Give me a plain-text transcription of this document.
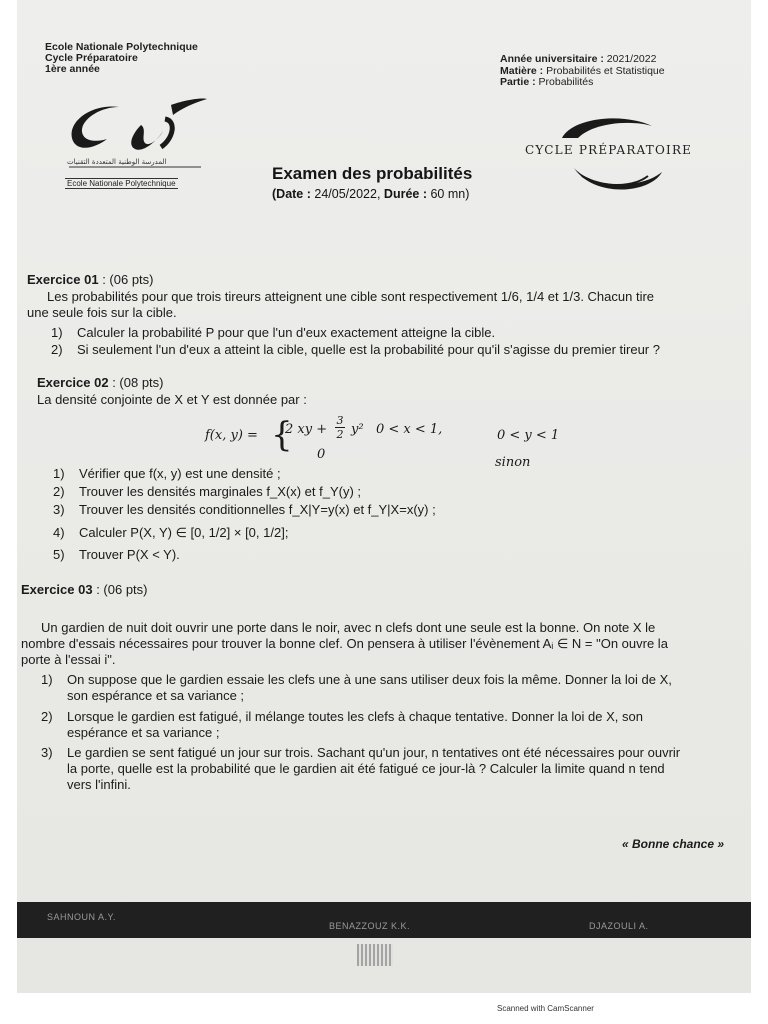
Ecole Nationale Polytechnique
Cycle Préparatoire
1ère année
Année universitaire : 2021/2022
Matière : Probabilités et Statistique
Partie : Probabilités
المدرسة الوطنية المتعددة التقنيات
Ecole Nationale Polytechnique
CYCLE PRÉPARATOIRE
Examen des probabilités
(Date : 24/05/2022, Durée : 60 mn)
Exercice 01 : (06 pts)
Les probabilités pour que trois tireurs atteignent une cible sont respectivement 1/6, 1/4 et 1/3. Chacun tire
une seule fois sur la cible.
1) Calculer la probabilité P pour que l'un d'eux exactement atteigne la cible.
2) Si seulement l'un d'eux a atteint la cible, quelle est la probabilité pour qu'il s'agisse du premier tireur ?
Exercice 02 : (08 pts)
La densité conjointe de X et Y est donnée par :
f(x, y) = {
2 xy +
3
2 y²   0 < x < 1,	0 < y < 1
0
sinon
1) Vérifier que f(x, y) est une densité ;
2) Trouver les densités marginales f_X(x) et f_Y(y) ;
3) Trouver les densités conditionnelles f_X|Y=y(x) et f_Y|X=x(y) ;
4) Calculer P(X, Y) ∈ [0, 1/2] × [0, 1/2];
5) Trouver P(X < Y).
Exercice 03 : (06 pts)
Un gardien de nuit doit ouvrir une porte dans le noir, avec n clefs dont une seule est la bonne. On note X le
nombre d'essais nécessaires pour trouver la bonne clef. On pensera à utiliser l'évènement Aᵢ ∈ N = "On ouvre la
porte à l'essai i".
1) On suppose que le gardien essaie les clefs une à une sans utiliser deux fois la même. Donner la loi de X,
son espérance et sa variance ;
2) Lorsque le gardien est fatigué, il mélange toutes les clefs à chaque tentative. Donner la loi de X, son
espérance et sa variance ;
3) Le gardien se sent fatigué un jour sur trois. Sachant qu'un jour, n tentatives ont été nécessaires pour ouvrir
la porte, quelle est la probabilité que le gardien ait été fatigué ce jour-là ? Calculer la limite quand n tend
vers l'infini.
« Bonne chance »
SAHNOUN A.Y.
BENAZZOUZ K.K.	DJAZOULI A.
Scanned with CamScanner
